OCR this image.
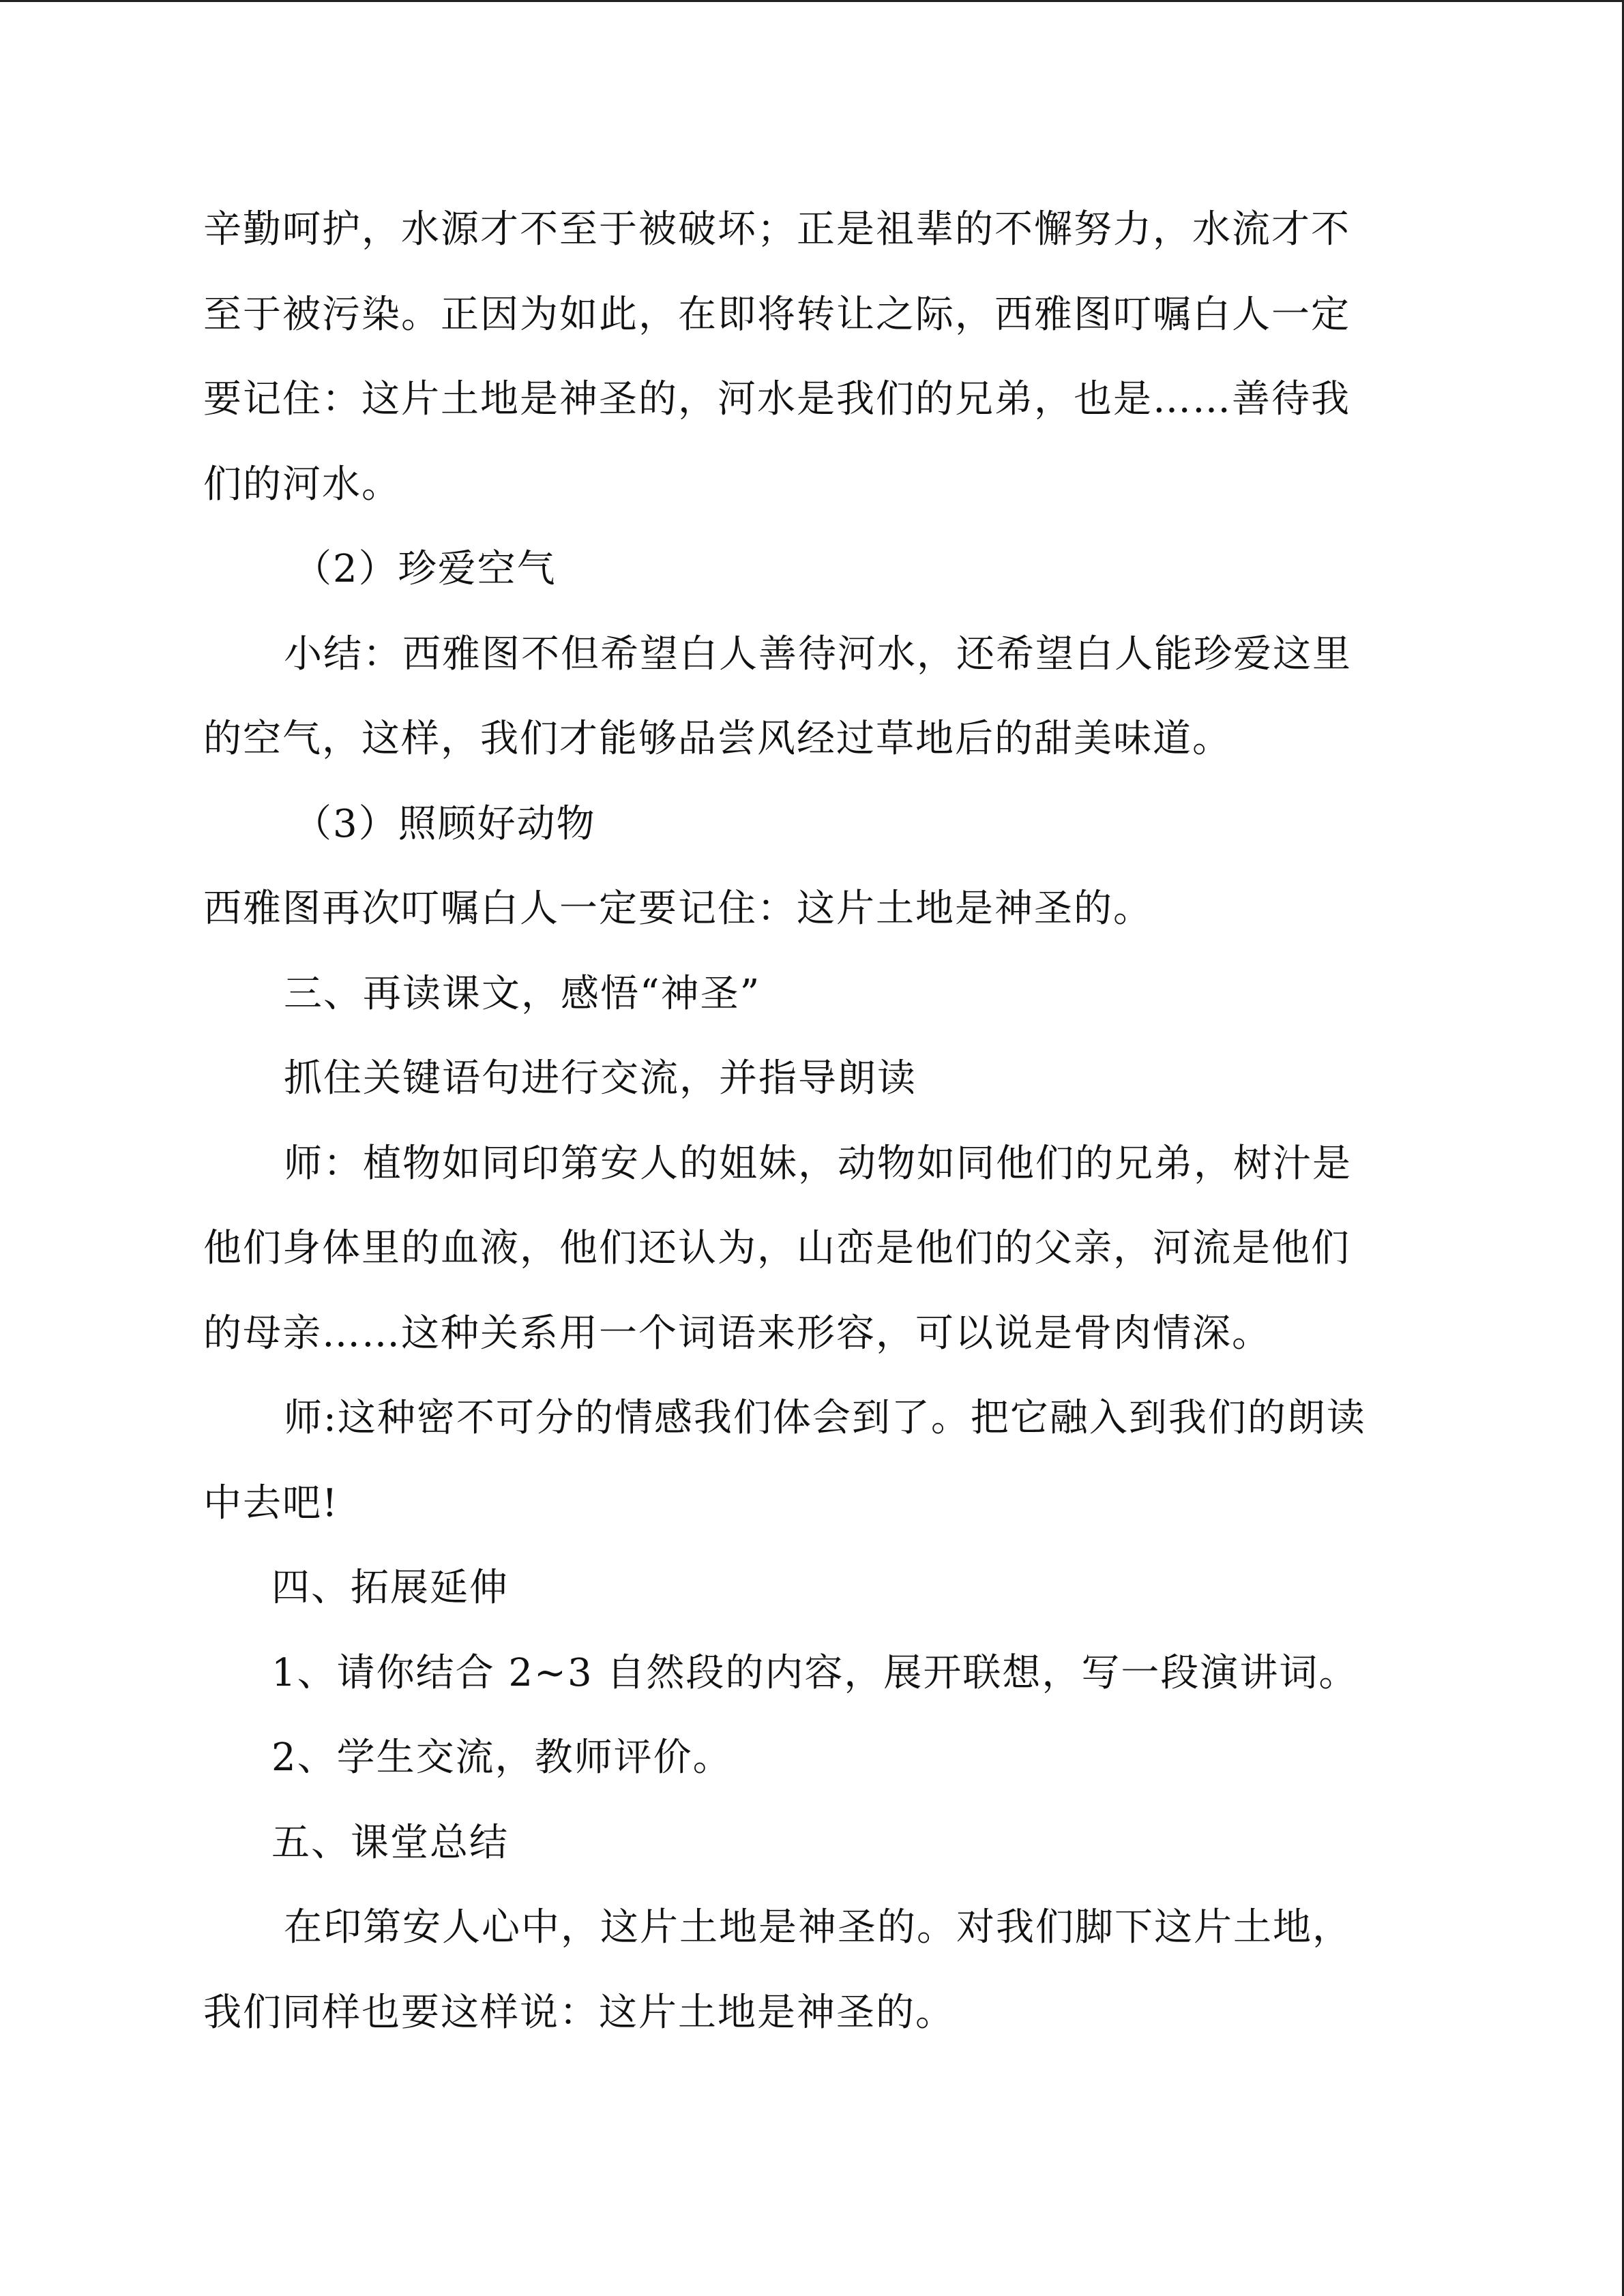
辛勤呵护，水源才不至于被破坏；正是祖辈的不懈努力，水流才不
至于被污染。正因为如此，在即将转让之际，西雅图叮嘱白人一定
要记住：这片土地是神圣的，河水是我们的兄弟，也是……善待我
们的河水。
（2）珍爱空气
小结：西雅图不但希望白人善待河水，还希望白人能珍爱这里
的空气，这样，我们才能够品尝风经过草地后的甜美味道。
（3）照顾好动物
西雅图再次叮嘱白人一定要记住：这片土地是神圣的。
三、再读课文，感悟“神圣”
抓住关键语句进行交流，并指导朗读
师：植物如同印第安人的姐妹，动物如同他们的兄弟，树汁是
他们身体里的血液，他们还认为，山峦是他们的父亲，河流是他们
的母亲……这种关系用一个词语来形容，可以说是骨肉情深。
师:这种密不可分的情感我们体会到了。把它融入到我们的朗读
中去吧!
四、拓展延伸
1、请你结合 2~3 自然段的内容，展开联想，写一段演讲词。
2、学生交流，教师评价。
五、课堂总结
在印第安人心中，这片土地是神圣的。对我们脚下这片土地，
我们同样也要这样说：这片土地是神圣的。
